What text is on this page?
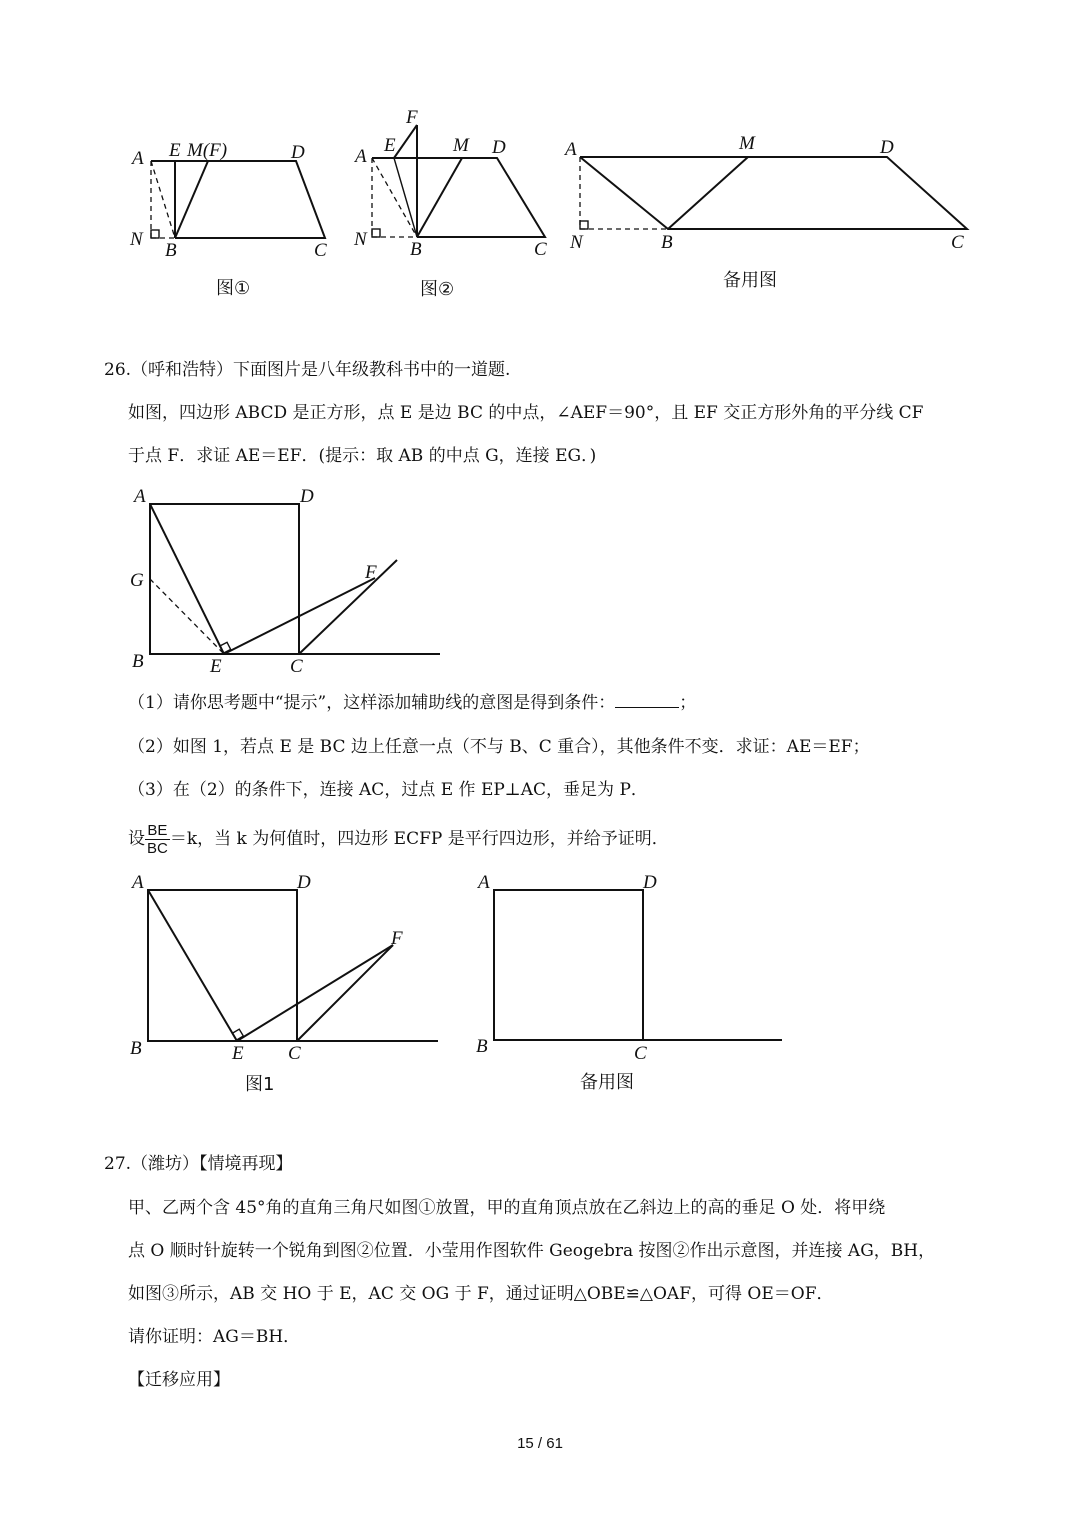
A
N
B	C
D
E M(F)
图①
A
N B	C
D
E	M
F
图②
A
N	B	C
D
M
备用图
26.（呼和浩特）下面图片是八年级教科书中的一道题.
如图，四边形 ABCD 是正方形，点 E 是边 BC 的中点，∠AEF＝90°，且 EF 交正方形外角的平分线 CF
于点 F．求证 AE＝EF．(提示：取 AB 的中点 G，连接 EG．)
A	D
G	F
B	E	C
（1）请你思考题中“提示”，这样添加辅助线的意图是得到条件：	；
（2）如图 1，若点 E 是 BC 边上任意一点（不与 B、C 重合），其他条件不变．求证：AE＝EF；
（3）在（2）的条件下，连接 AC，过点 E 作 EP⊥AC，垂足为 P．
设 $\frac{BE}{BC} =k$，当 k 为何值时，四边形 ECFP 是平行四边形，并给予证明．
A	D
F
B	E C
图1
A	D
B	C
备用图
27.（潍坊）【情境再现】
甲、乙两个含 45°角的直角三角尺如图①放置，甲的直角顶点放在乙斜边上的高的垂足 O 处．将甲绕
点 O 顺时针旋转一个锐角到图②位置．小莹用作图软件 Geogebra 按图②作出示意图，并连接 AG，BH，
如图③所示，AB 交 HO 于 E，AC 交 OG 于 F，通过证明△OBE≌△OAF，可得 OE＝OF．
请你证明：AG＝BH．
【迁移应用】
15 / 61
